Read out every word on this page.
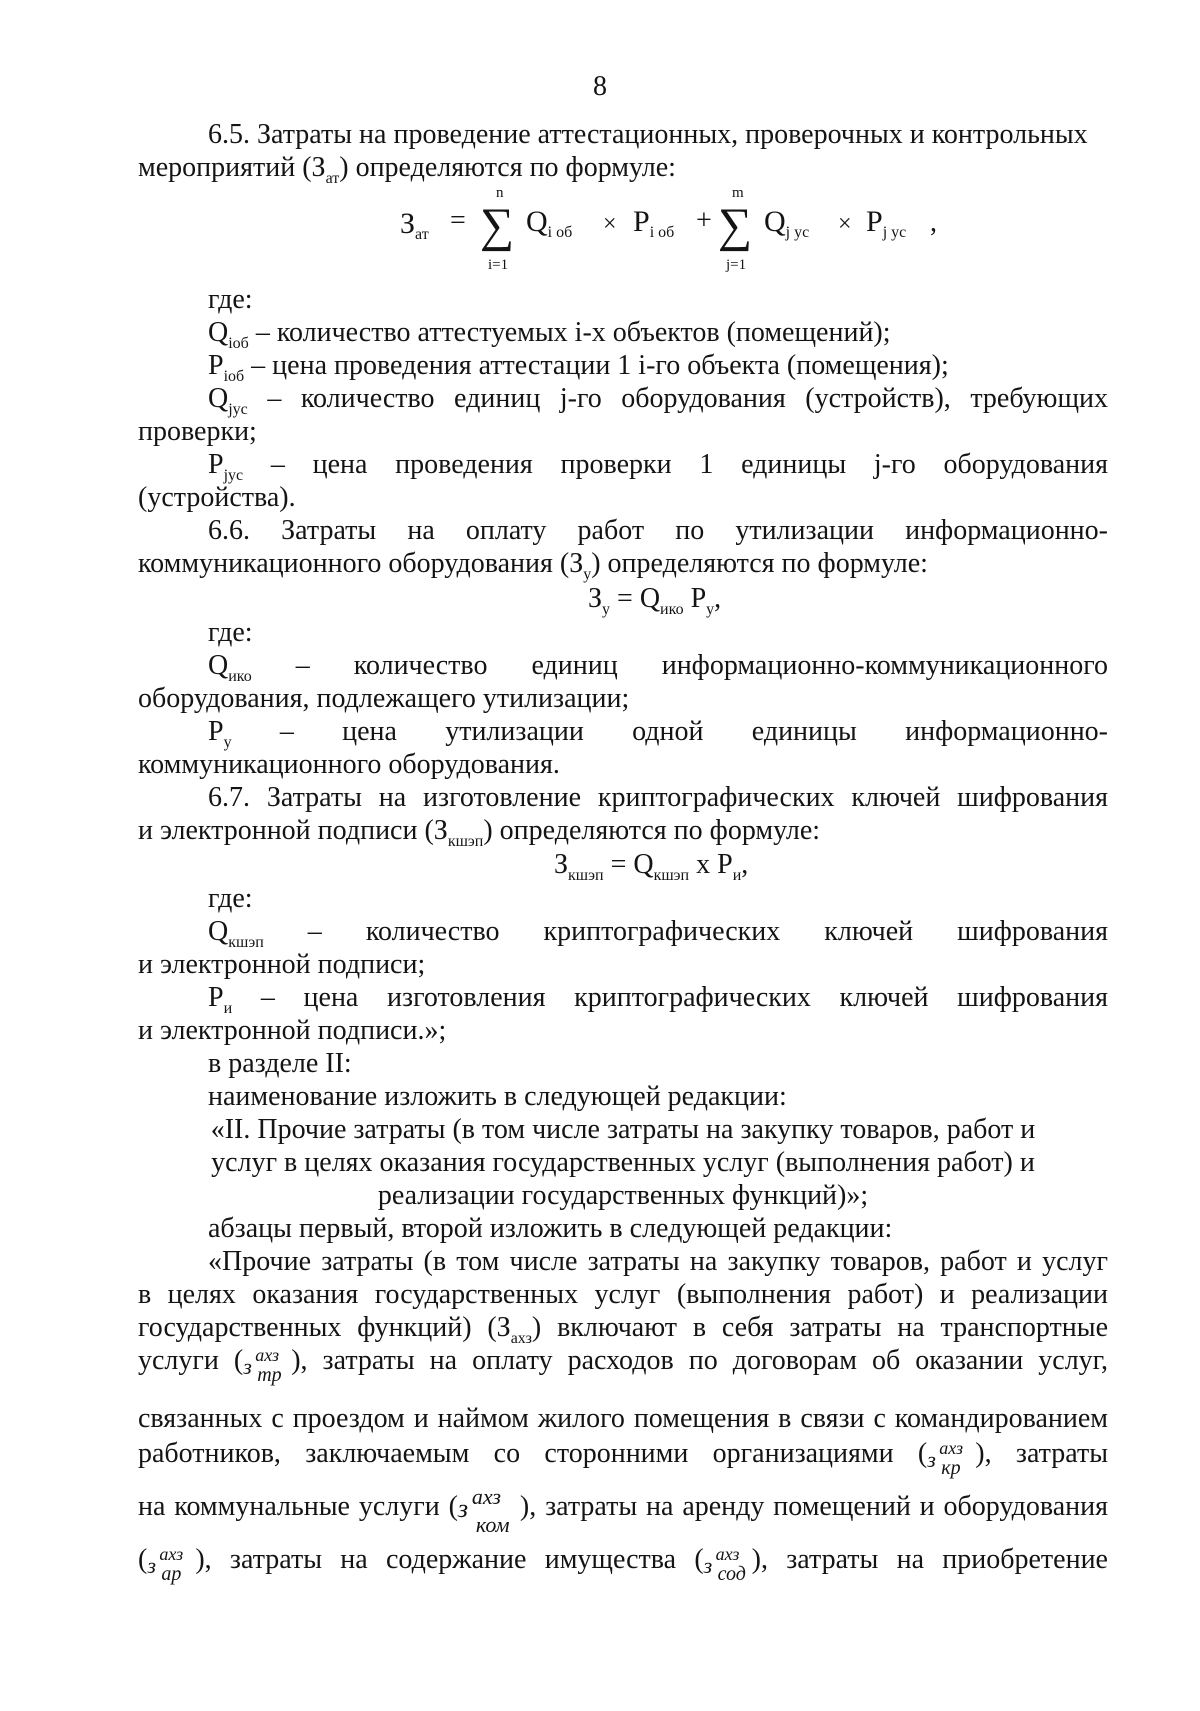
8
6.5. Затраты на проведение аттестационных, проверочных и контрольных
мероприятий $(З_{ат})$ определяются по формуле:
$З_{ат}$ = ∑
n
i=1
$Q_{i об} \times P_{i об}$ + ∑
m
j=1
$Q_{j ус} \times P_{j ус}$ ,
где:
$Q_{iоб}$ – количество аттестуемых i-х объектов (помещений);
$P_{iоб}$ – цена проведения аттестации 1 i-го объекта (помещения);
$Q_{jус}$ – количество единиц j-го оборудования (устройств), требующих
проверки;
$P_{jус}$ – цена проведения проверки 1 единицы j-го оборудования
(устройства).
6.6. Затраты на оплату работ по утилизации информационно-
коммуникационного оборудования $(З_у)$ определяются по формуле:
$З_у = Q_{ико}$ $P_у$,
где:
$Q_{ико}$ – количество единиц информационно-коммуникационного
оборудования, подлежащего утилизации;
$P_у$ – цена утилизации одной единицы информационно-
коммуникационного оборудования.
6.7. Затраты на изготовление криптографических ключей шифрования
и электронной подписи $(З_{кшэп})$ определяются по формуле:
$З_{кшэп} = Q_{кшэп}$ х $P_и$,
где:
$Q_{кшэп}$ – количество криптографических ключей шифрования
и электронной подписи;
$P_и$ – цена изготовления криптографических ключей шифрования
и электронной подписи.»;
в разделе II:
наименование изложить в следующей редакции:
«II. Прочие затраты (в том числе затраты на закупку товаров, работ и
услуг в целях оказания государственных услуг (выполнения работ) и
реализации государственных функций)»;
абзацы первый, второй изложить в следующей редакции:
«Прочие затраты (в том числе затраты на закупку товаров, работ и услуг
в целях оказания государственных услуг (выполнения работ) и реализации
государственных функций) $(З_{ахз})$ включают в себя затраты на транспортные
услуги ( з ахз
тр ), затраты на оплату расходов по договорам об оказании услуг,
связанных с проездом и наймом жилого помещения в связи с командированием
работников, заключаемым со сторонними организациями ( з ахз
кр ), затраты
на коммунальные услуги ( з ахз
ком
), затраты на аренду помещений и оборудования
( з ахз
ар ), затраты на содержание имущества ( з ахз
сод ), затраты на приобретение
